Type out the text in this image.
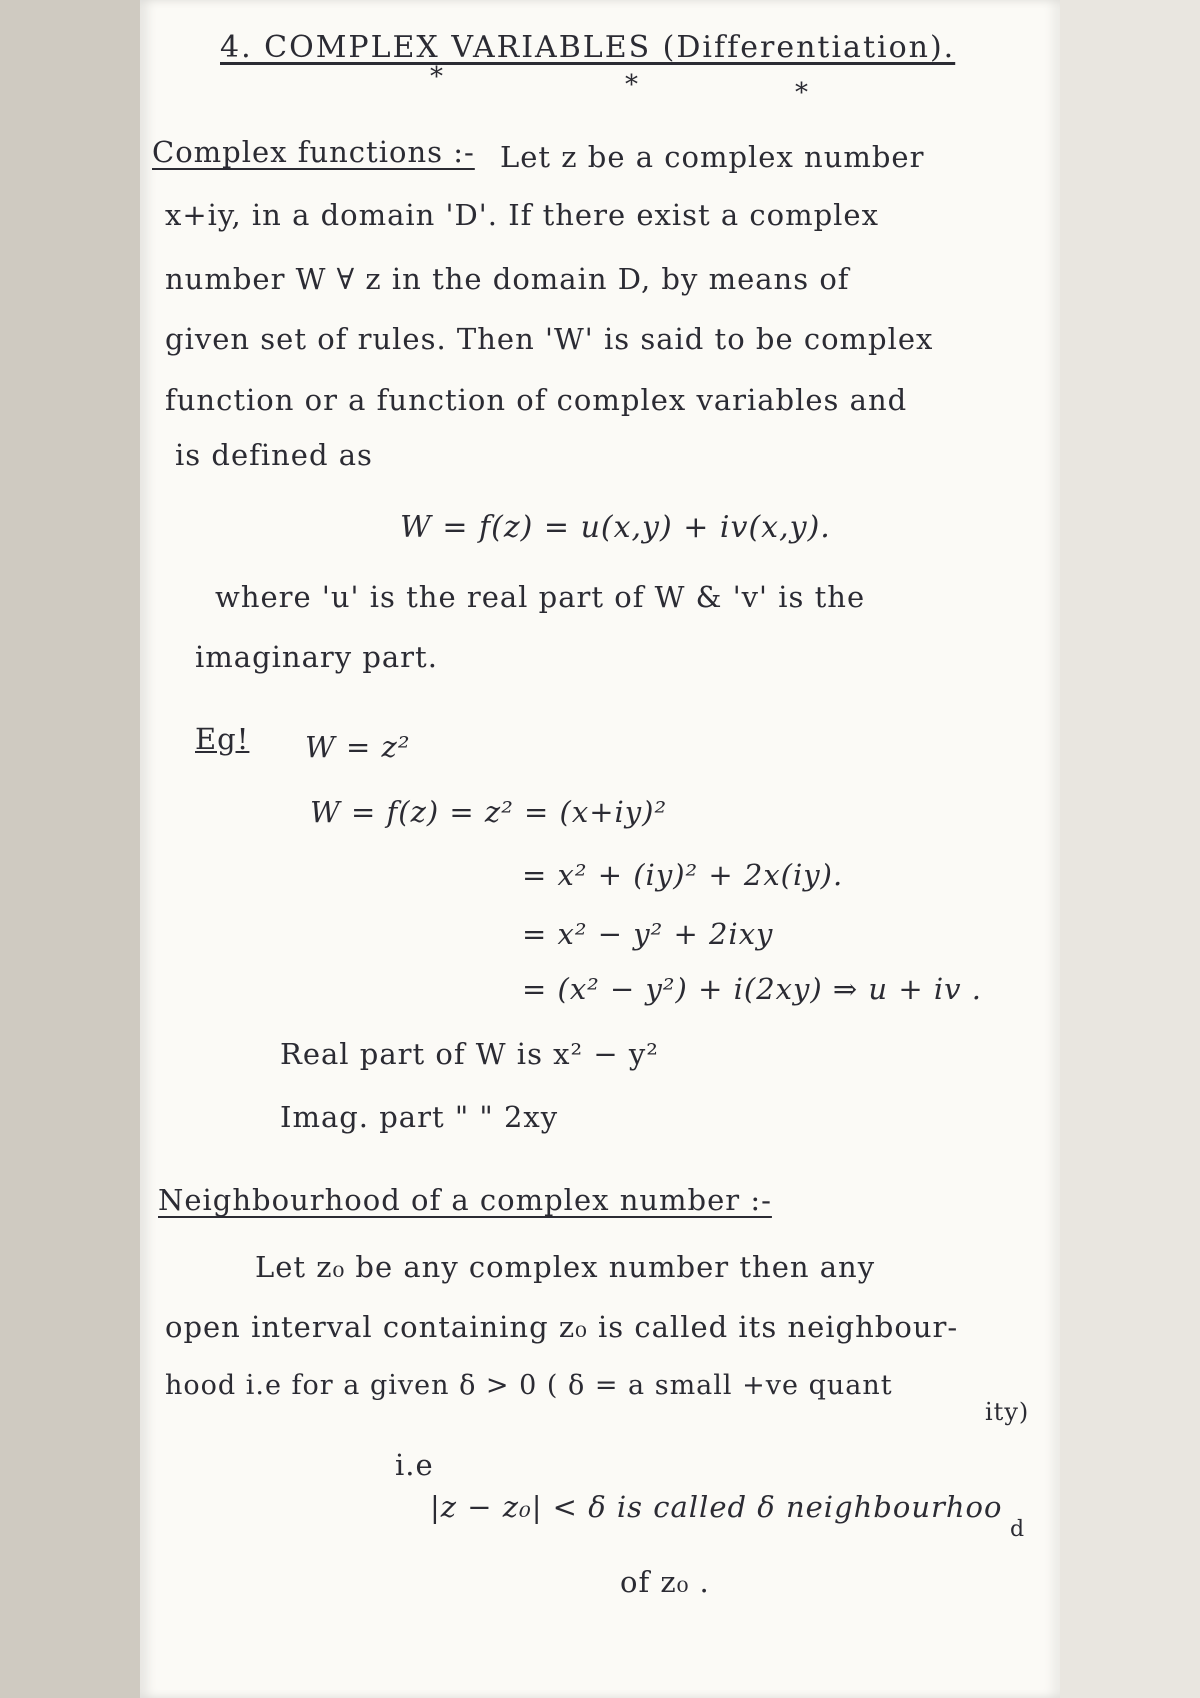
4. COMPLEX VARIABLES (Differentiation).
*	*	*
Complex functions :- Let z be a complex number
x+iy, in a domain 'D'. If there exist a complex
number W ∀ z in the domain D, by means of
given set of rules. Then 'W' is said to be complex
function or a function of complex variables and
is defined as
W = f(z) = u(x,y) + iv(x,y).
where 'u' is the real part of W & 'v' is the
imaginary part.
Eg! W = z²
W = f(z) = z² = (x+iy)²
= x² + (iy)² + 2x(iy).
= x² − y² + 2ixy
= (x² − y²) + i(2xy) ⇒ u + iv .
Real part of W is x² − y²
Imag. part " " 2xy
Neighbourhood of a complex number :-
Let z₀ be any complex number then any
open interval containing z₀ is called its neighbour-
hood i.e for a given δ > 0 ( δ = a small +ve quant
ity)
i.e
|z − z₀| < δ is called δ neighbourhoo
d
of z₀ .
